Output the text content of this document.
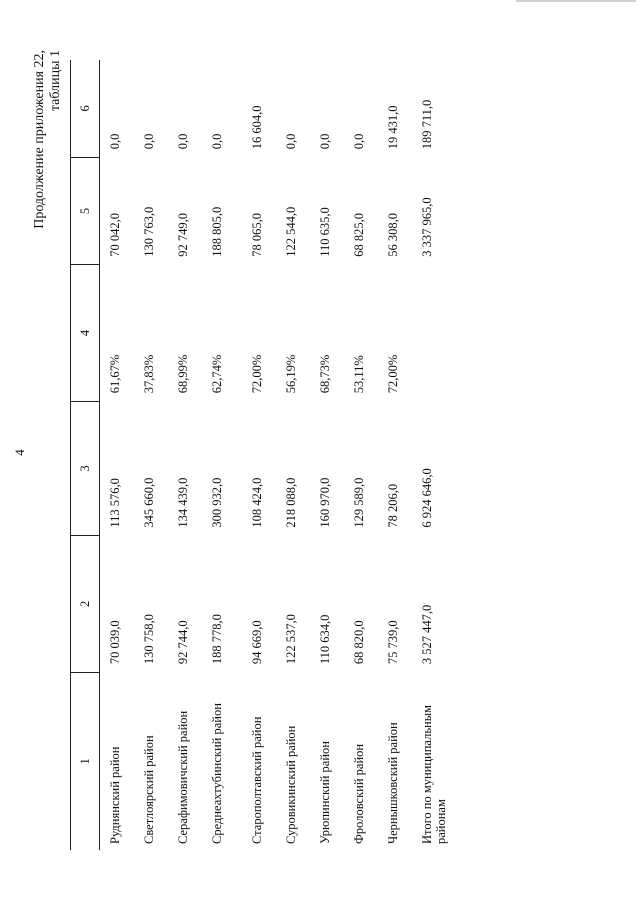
4
Продолжение приложения 22, таблицы 1
1	2	3	4	5	6
Руднянский район	70 039,0	113 576,0	61,67%	70 042,0	0,0
Светлоярский район	130 758,0	345 660,0	37,83%	130 763,0	0,0
Серафимовичский район	92 744,0	134 439,0	68,99%	92 749,0	0,0
Среднеахтубинский район	188 778,0	300 932,0	62,74%	188 805,0	0,0
Старополтавский район	94 669,0	108 424,0	72,00%	78 065,0	16 604,0
Суровикинский район	122 537,0	218 088,0	56,19%	122 544,0	0,0
Урюпинский район	110 634,0	160 970,0	68,73%	110 635,0	0,0
Фроловский район	68 820,0	129 589,0	53,11%	68 825,0	0,0
Чернышковский район	75 739,0	78 206,0	72,00%	56 308,0	19 431,0
Итого по муниципальным районам	3 527 447,0	6 924 646,0		3 337 965,0	189 711,0
